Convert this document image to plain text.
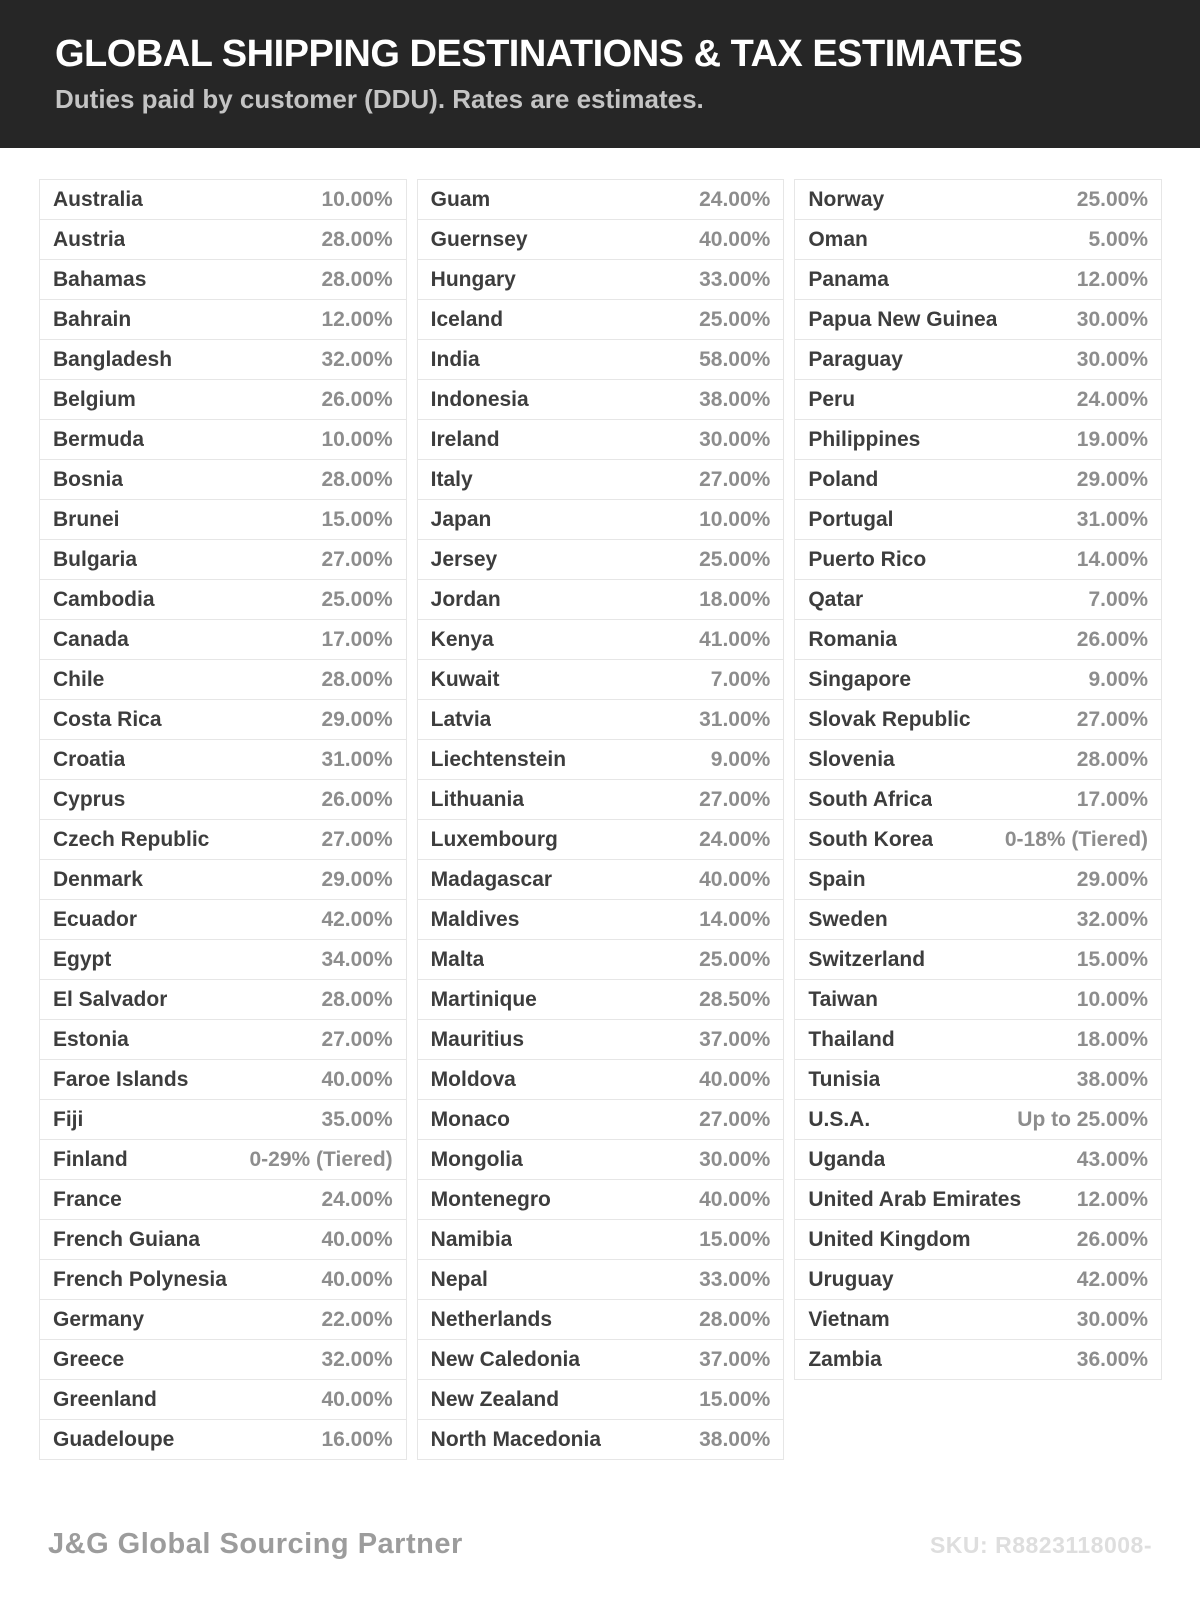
GLOBAL SHIPPING DESTINATIONS & TAX ESTIMATES

Duties paid by customer (DDU). Rates are estimates.

Australia	10.00%
Austria	28.00%
Bahamas	28.00%
Bahrain	12.00%
Bangladesh	32.00%
Belgium	26.00%
Bermuda	10.00%
Bosnia	28.00%
Brunei	15.00%
Bulgaria	27.00%
Cambodia	25.00%
Canada	17.00%
Chile	28.00%
Costa Rica	29.00%
Croatia	31.00%
Cyprus	26.00%
Czech Republic	27.00%
Denmark	29.00%
Ecuador	42.00%
Egypt	34.00%
El Salvador	28.00%
Estonia	27.00%
Faroe Islands	40.00%
Fiji	35.00%
Finland	0-29% (Tiered)
France	24.00%
French Guiana	40.00%
French Polynesia	40.00%
Germany	22.00%
Greece	32.00%
Greenland	40.00%
Guadeloupe	16.00%
Guam	24.00%
Guernsey	40.00%
Hungary	33.00%
Iceland	25.00%
India	58.00%
Indonesia	38.00%
Ireland	30.00%
Italy	27.00%
Japan	10.00%
Jersey	25.00%
Jordan	18.00%
Kenya	41.00%
Kuwait	7.00%
Latvia	31.00%
Liechtenstein	9.00%
Lithuania	27.00%
Luxembourg	24.00%
Madagascar	40.00%
Maldives	14.00%
Malta	25.00%
Martinique	28.50%
Mauritius	37.00%
Moldova	40.00%
Monaco	27.00%
Mongolia	30.00%
Montenegro	40.00%
Namibia	15.00%
Nepal	33.00%
Netherlands	28.00%
New Caledonia	37.00%
New Zealand	15.00%
North Macedonia	38.00%
Norway	25.00%
Oman	5.00%
Panama	12.00%
Papua New Guinea	30.00%
Paraguay	30.00%
Peru	24.00%
Philippines	19.00%
Poland	29.00%
Portugal	31.00%
Puerto Rico	14.00%
Qatar	7.00%
Romania	26.00%
Singapore	9.00%
Slovak Republic	27.00%
Slovenia	28.00%
South Africa	17.00%
South Korea	0-18% (Tiered)
Spain	29.00%
Sweden	32.00%
Switzerland	15.00%
Taiwan	10.00%
Thailand	18.00%
Tunisia	38.00%
U.S.A.	Up to 25.00%
Uganda	43.00%
United Arab Emirates	12.00%
United Kingdom	26.00%
Uruguay	42.00%
Vietnam	30.00%
Zambia	36.00%
J&G Global Sourcing Partner	SKU: R8823118008-
